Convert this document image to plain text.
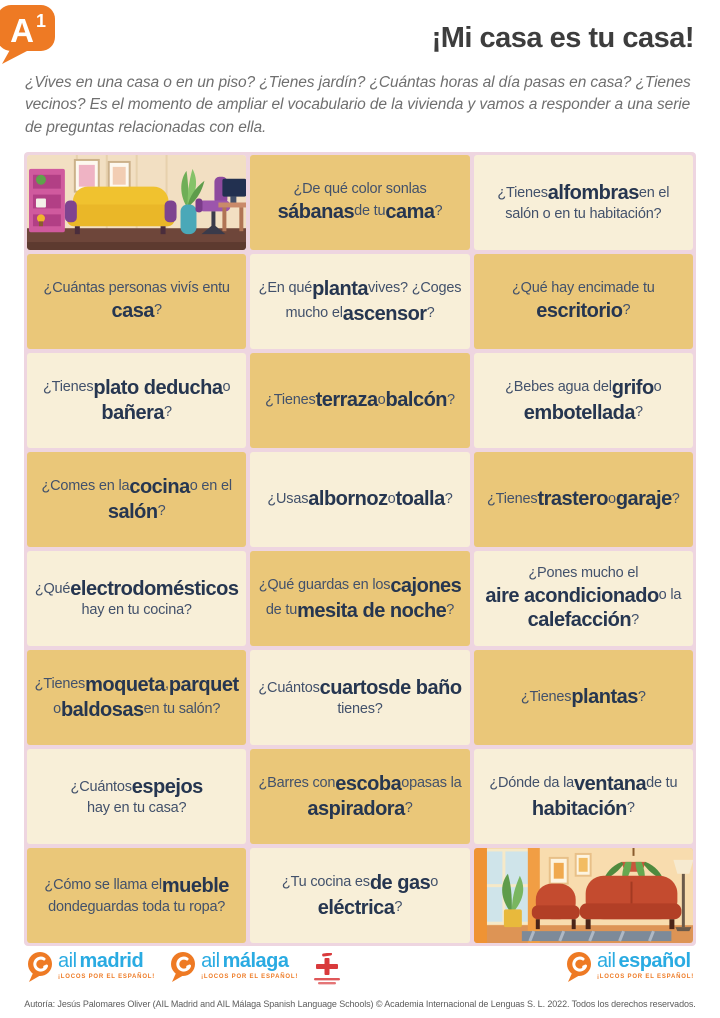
A 1
¡Mi casa es tu casa!
¿Vives en una casa o en un piso? ¿Tienes jardín? ¿Cuántas horas al día pasas en casa? ¿Tienes vecinos? Es el momento de ampliar el vocabulario de la vivienda y vamos a responder a una serie de preguntas relacionadas con ella.
¿De qué color son las
sábanas de tu cama ?
¿Tienes alfombras en el

salón o en tu habitación?
¿Cuántas personas vivís en tu
casa ?
¿En qué planta vives? ¿Coges

mucho el ascensor ?
¿Qué hay encima de tu
escritorio ?
¿Tienes plato de ducha o
bañera ?
¿Tienes terraza o balcón ?
¿Bebes agua del grifo o
embotellada ?
¿Comes en la cocina o en el
salón ?
¿Usas albornoz o toalla ? ¿Tienes trastero o garaje ?
¿Qué electrodomésticos

hay en tu cocina?
¿Qué guardas en los cajones
de tu mesita de noche ?
¿Pones mucho el

aire acondicionado o la
calefacción ?
¿Tienes moqueta , parquet
o baldosas en tu salón?
¿Cuántos cuartos de baño
tienes?
¿Tienes plantas ?
¿Cuántos espejos

hay en tu casa?
¿Barres con escoba o pasas la
aspiradora ?
¿Dónde da la ventana de tu
habitación ?
¿Cómo se llama el mueble
donde guardas toda tu ropa?
¿Tu cocina es de gas o
eléctrica ?
ail madrid
¡LOCOS POR EL ESPAÑOL!
ail málaga
¡LOCOS POR EL ESPAÑOL!
ail español
¡LOCOS POR EL ESPAÑOL!
Autoría: Jesús Palomares Oliver (AIL Madrid and AIL Málaga Spanish Language Schools) © Academia Internacional de Lenguas S. L. 2022. Todos los derechos reservados.
